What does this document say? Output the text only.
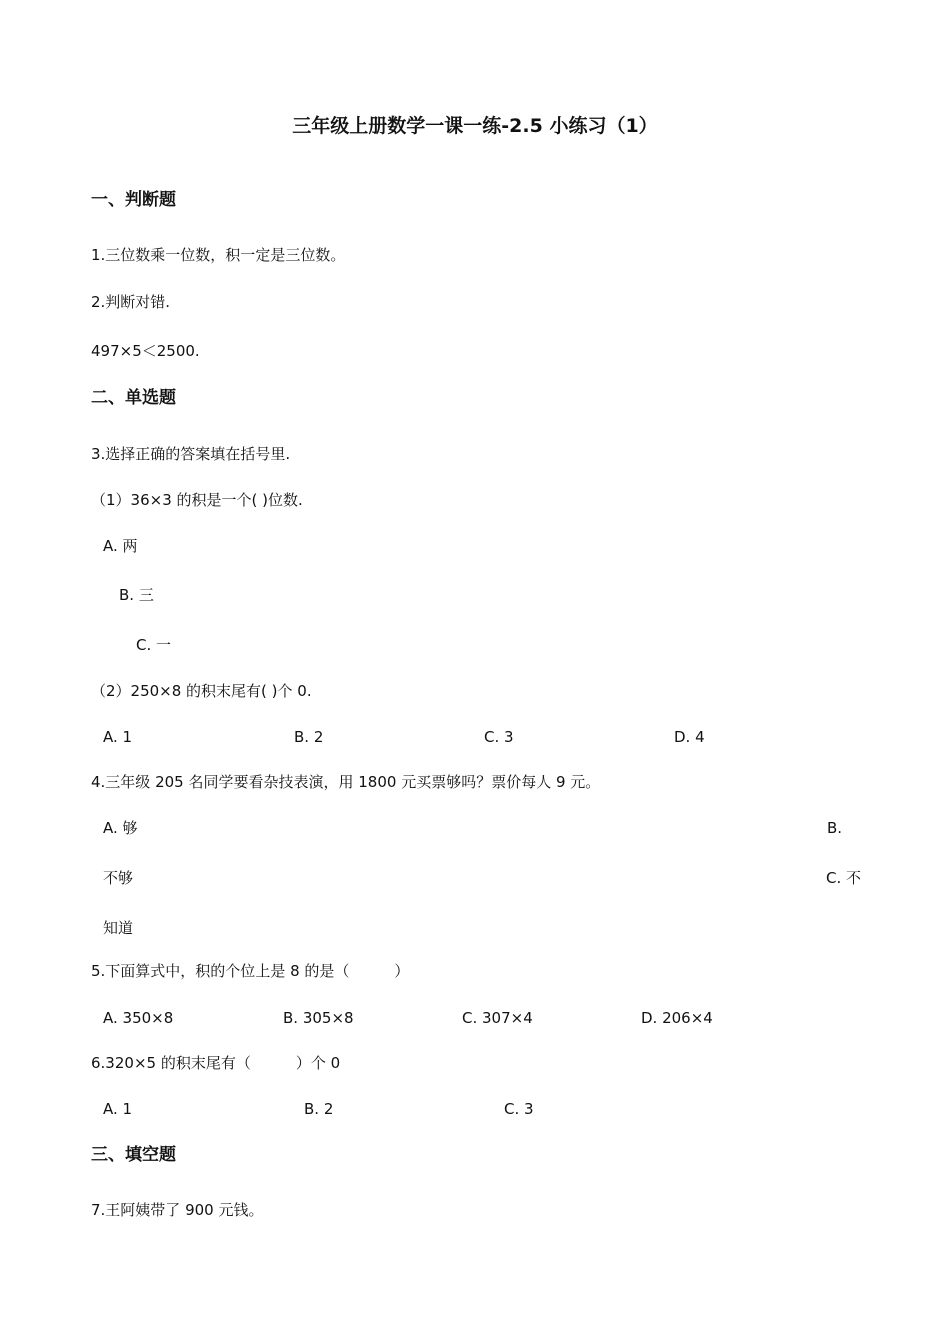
三年级上册数学一课一练-2.5 小练习（1）
一、判断题
1.三位数乘一位数，积一定是三位数。
2.判断对错.
497×5＜2500.
二、单选题
3.选择正确的答案填在括号里.
（1）36×3 的积是一个( )位数.
A. 两
B. 三
C. 一
（2）250×8 的积末尾有( )个 0.
A. 1	B. 2	C. 3	D. 4
4.三年级 205 名同学要看杂技表演，用 1800 元买票够吗？票价每人 9 元。
A. 够	B.
不够	C. 不
知道
5.下面算式中，积的个位上是 8 的是（　　　）
A. 350×8	B. 305×8	C. 307×4	D. 206×4
6.320×5 的积末尾有（　　　）个 0
A. 1	B. 2	C. 3
三、填空题
7.王阿姨带了 900 元钱。
